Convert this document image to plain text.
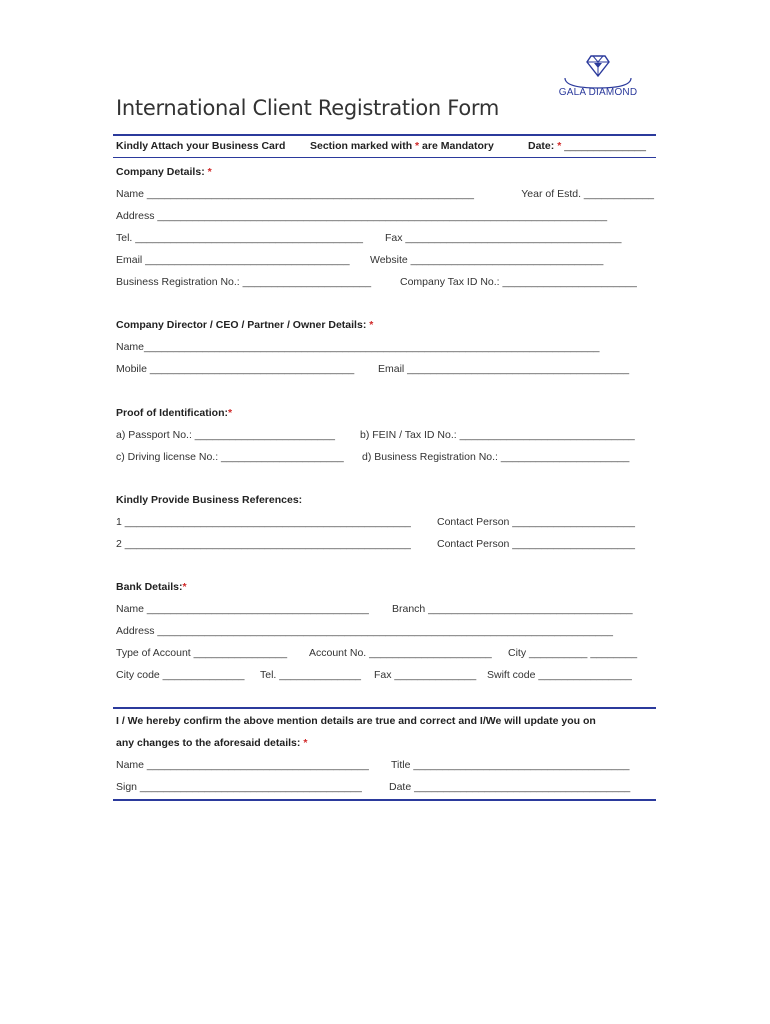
GALA DIAMOND
International Client Registration Form
Kindly Attach your Business Card Section marked with * are Mandatory	Date: * ______________
Company Details: *
Name ________________________________________________________	Year of Estd. ____________
Address _____________________________________________________________________________
Tel. _______________________________________ Fax _____________________________________
Email ___________________________________ Website _________________________________
Business Registration No.: ______________________	Company Tax ID No.: _______________________
Company Director / CEO / Partner / Owner Details: *
Name______________________________________________________________________________
Mobile ___________________________________ Email ______________________________________
Proof of Identification:*
a) Passport No.: ________________________ b) FEIN / Tax ID No.: ______________________________
c) Driving license No.: _____________________ d) Business Registration No.: ______________________
Kindly Provide Business References:
1 _________________________________________________ Contact Person _____________________
2 _________________________________________________ Contact Person _____________________
Bank Details:*
Name ______________________________________ Branch ___________________________________
Address ______________________________________________________________________________
Type of Account ________________ Account No. _____________________ City __________ ________
City code ______________ Tel. ______________ Fax ______________ Swift code ________________
I / We hereby confirm the above mention details are true and correct and I/We will update you on
any changes to the aforesaid details: *
Name ______________________________________ Title _____________________________________
Sign ______________________________________	Date _____________________________________
